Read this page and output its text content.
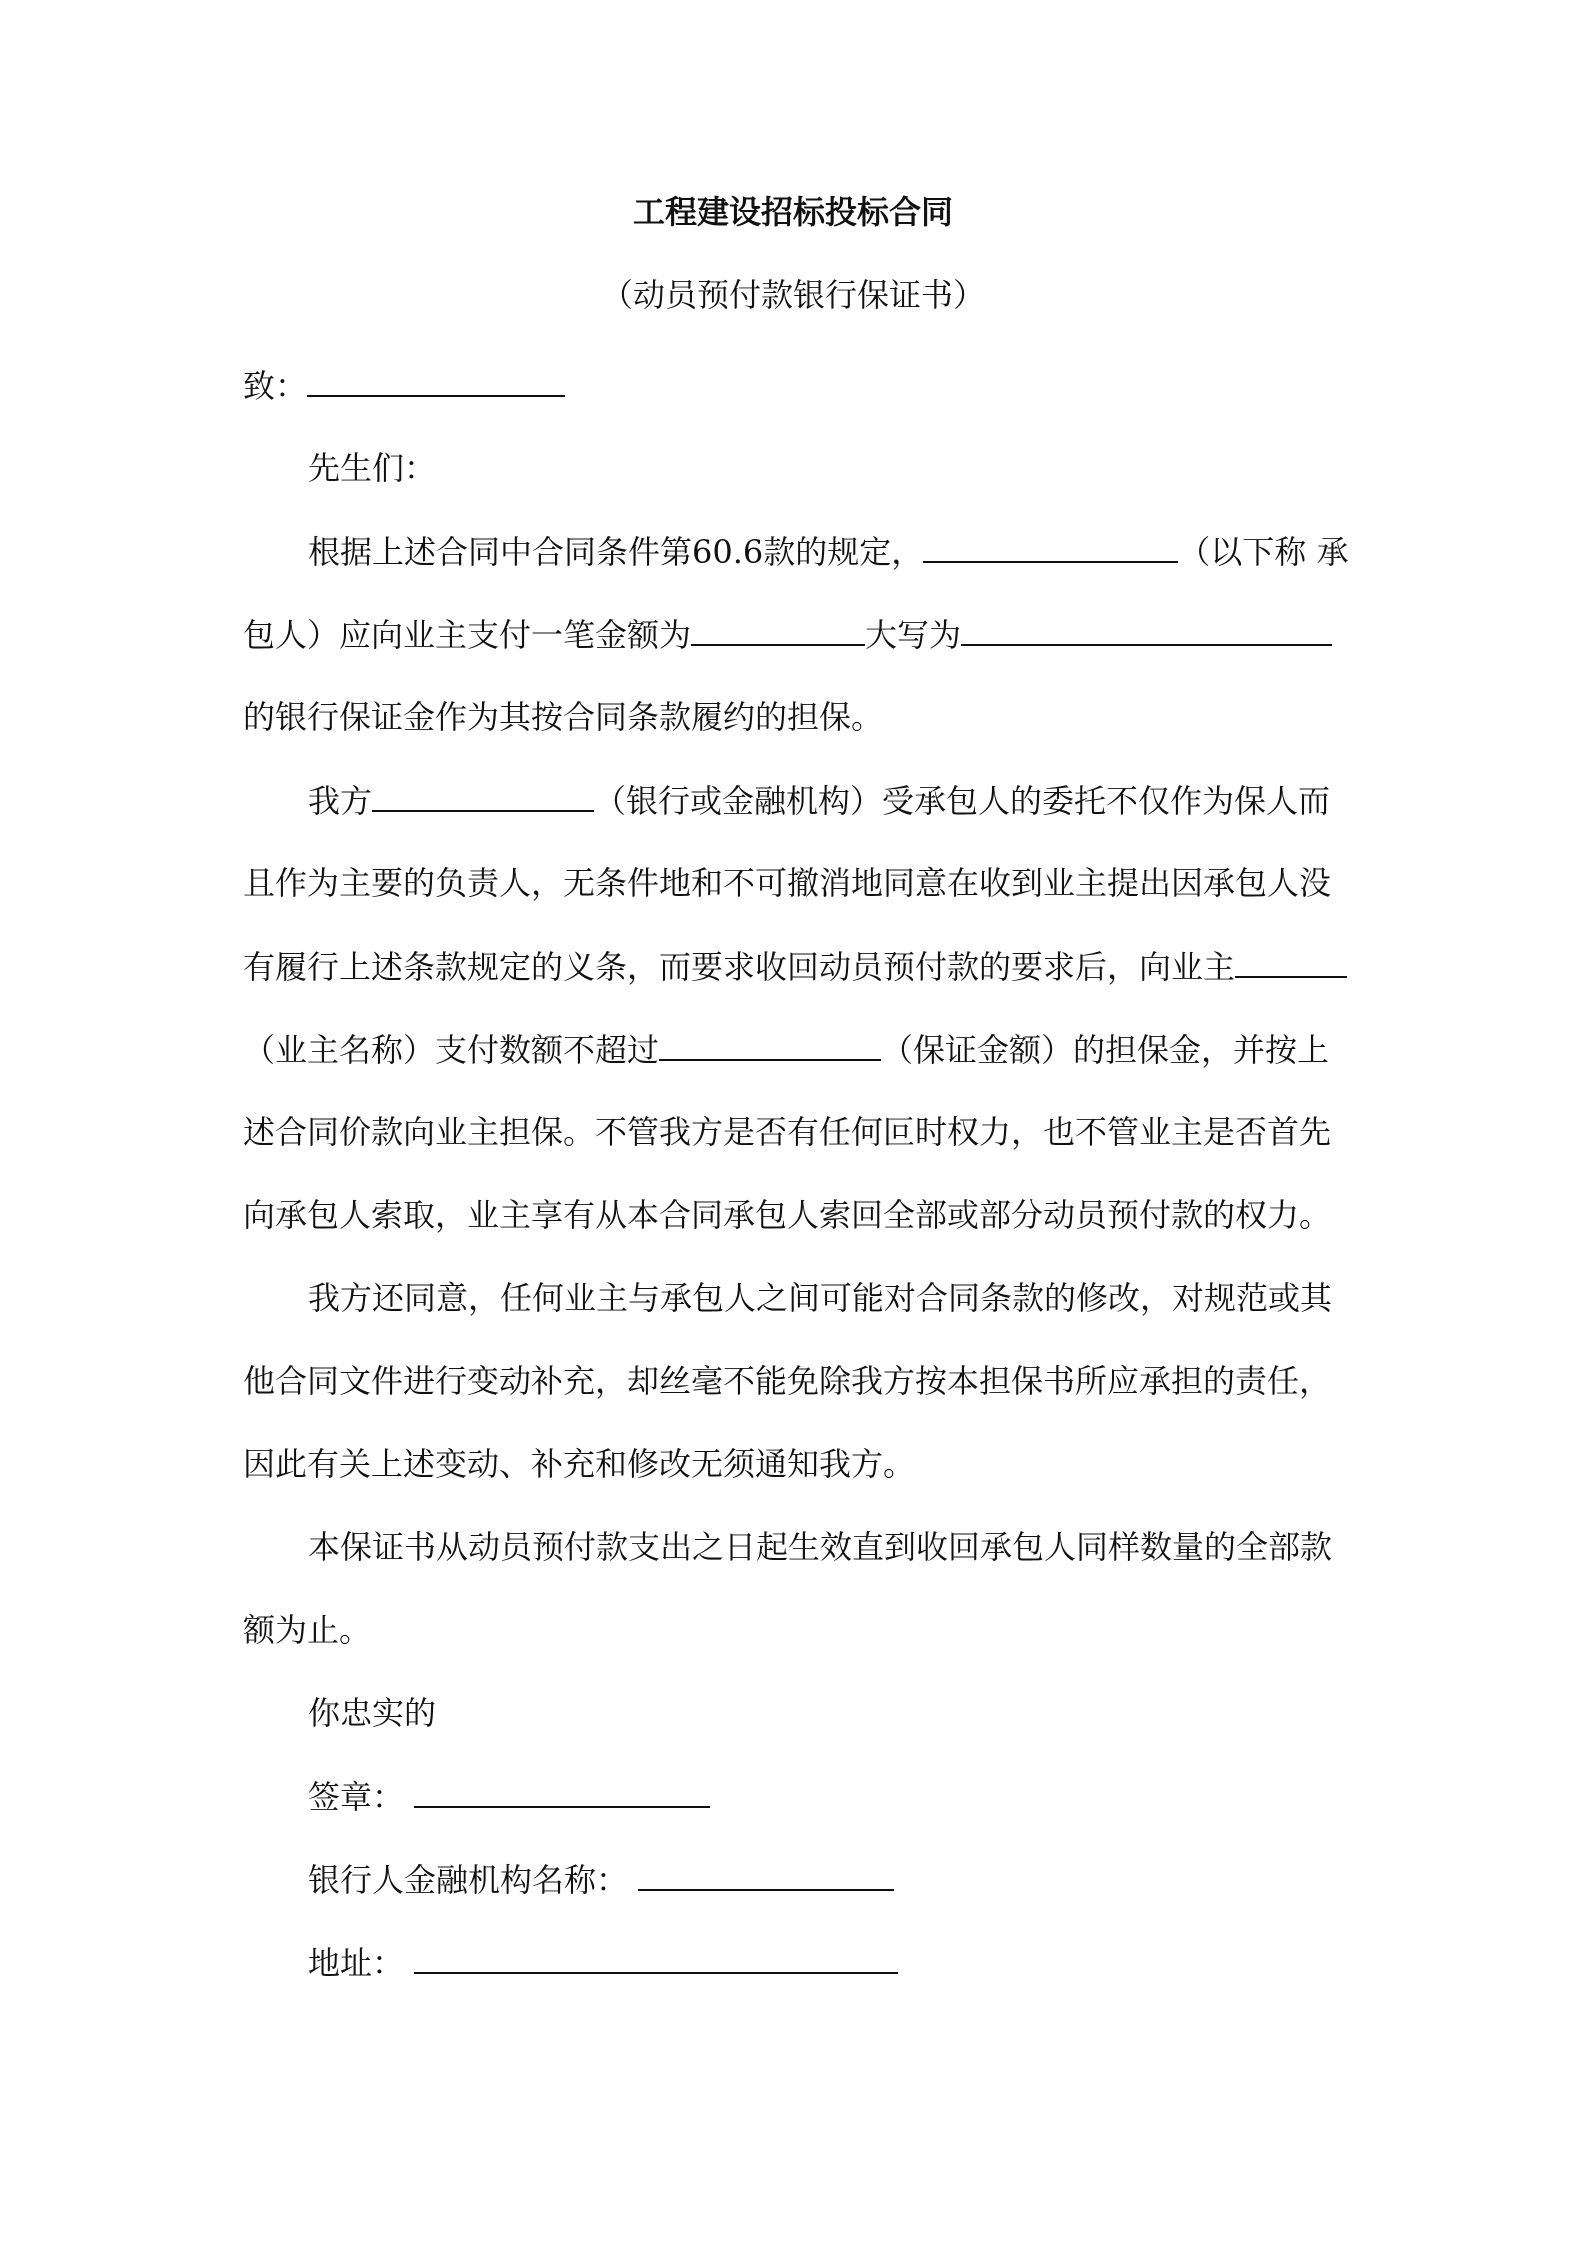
工程建设招标投标合同
（动员预付款银行保证书）
致：
先生们：
根据上述合同中合同条件第60.6款的规定，	（以下称 承
包人）应向业主支付一笔金额为	大写为
的银行保证金作为其按合同条款履约的担保。
我方	（银行或金融机构）受承包人的委托不仅作为保人而
且作为主要的负责人，无条件地和不可撤消地同意在收到业主提出因承包人没
有履行上述条款规定的义条，而要求收回动员预付款的要求后，向业主
（业主名称）支付数额不超过	（保证金额）的担保金，并按上
述合同价款向业主担保。不管我方是否有任何叵时权力，也不管业主是否首先
向承包人索取，业主享有从本合同承包人索回全部或部分动员预付款的权力。
我方还同意，任何业主与承包人之间可能对合同条款的修改，对规范或其
他合同文件进行变动补充，却丝毫不能免除我方按本担保书所应承担的责任，
因此有关上述变动、补充和修改无须通知我方。
本保证书从动员预付款支出之日起生效直到收回承包人同样数量的全部款
额为止。
你忠实的
签章：
银行人金融机构名称：
地址：
